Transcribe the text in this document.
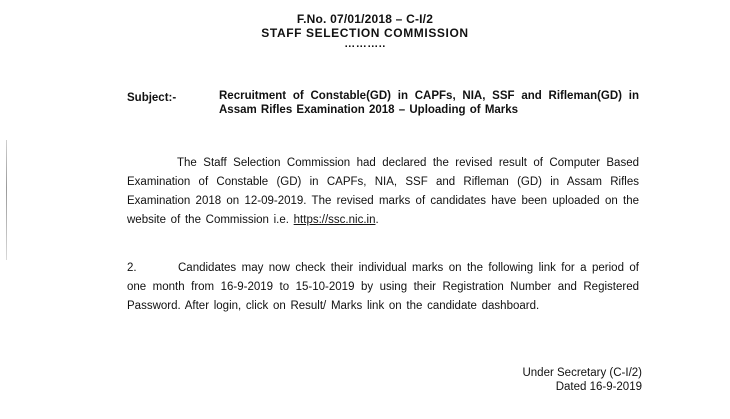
F.No. 07/01/2018 – C-I/2
STAFF SELECTION COMMISSION
………..
Subject:-	Recruitment of Constable(GD) in CAPFs, NIA, SSF and Rifleman(GD) in Assam Rifles Examination 2018 – Uploading of Marks
The Staff Selection Commission had declared the revised result of Computer Based Examination of Constable (GD) in CAPFs, NIA, SSF and Rifleman (GD) in Assam Rifles Examination 2018 on 12-09-2019. The revised marks of candidates have been uploaded on the website of the Commission i.e. https://ssc.nic.in.
2.	Candidates may now check their individual marks on the following link for a period of one month from 16-9-2019 to 15-10-2019 by using their Registration Number and Registered Password. After login, click on Result/ Marks link on the candidate dashboard.
Under Secretary (C-I/2)
Dated 16-9-2019
